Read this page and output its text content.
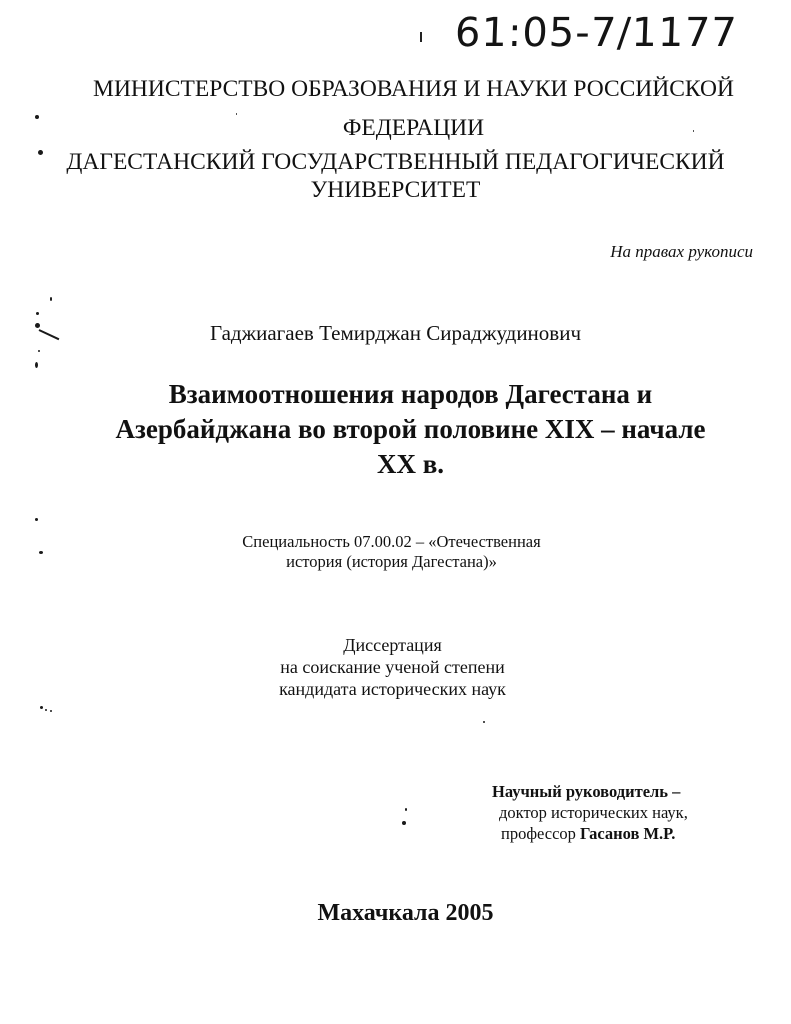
61:05-7/1177
МИНИСТЕРСТВО ОБРАЗОВАНИЯ И НАУКИ РОССИЙСКОЙ
ФЕДЕРАЦИИ
ДАГЕСТАНСКИЙ ГОСУДАРСТВЕННЫЙ ПЕДАГОГИЧЕСКИЙ
УНИВЕРСИТЕТ
На правах рукописи
Гаджиагаев Темирджан Сираджудинович
Взаимоотношения народов Дагестана и
Азербайджана во второй половине XIX – начале
XX в.
Специальность 07.00.02 – «Отечественная
история (история Дагестана)»
Диссертация
на соискание ученой степени
кандидата исторических наук
Научный руководитель –
доктор исторических наук,
профессор Гасанов М.Р.
Махачкала 2005
